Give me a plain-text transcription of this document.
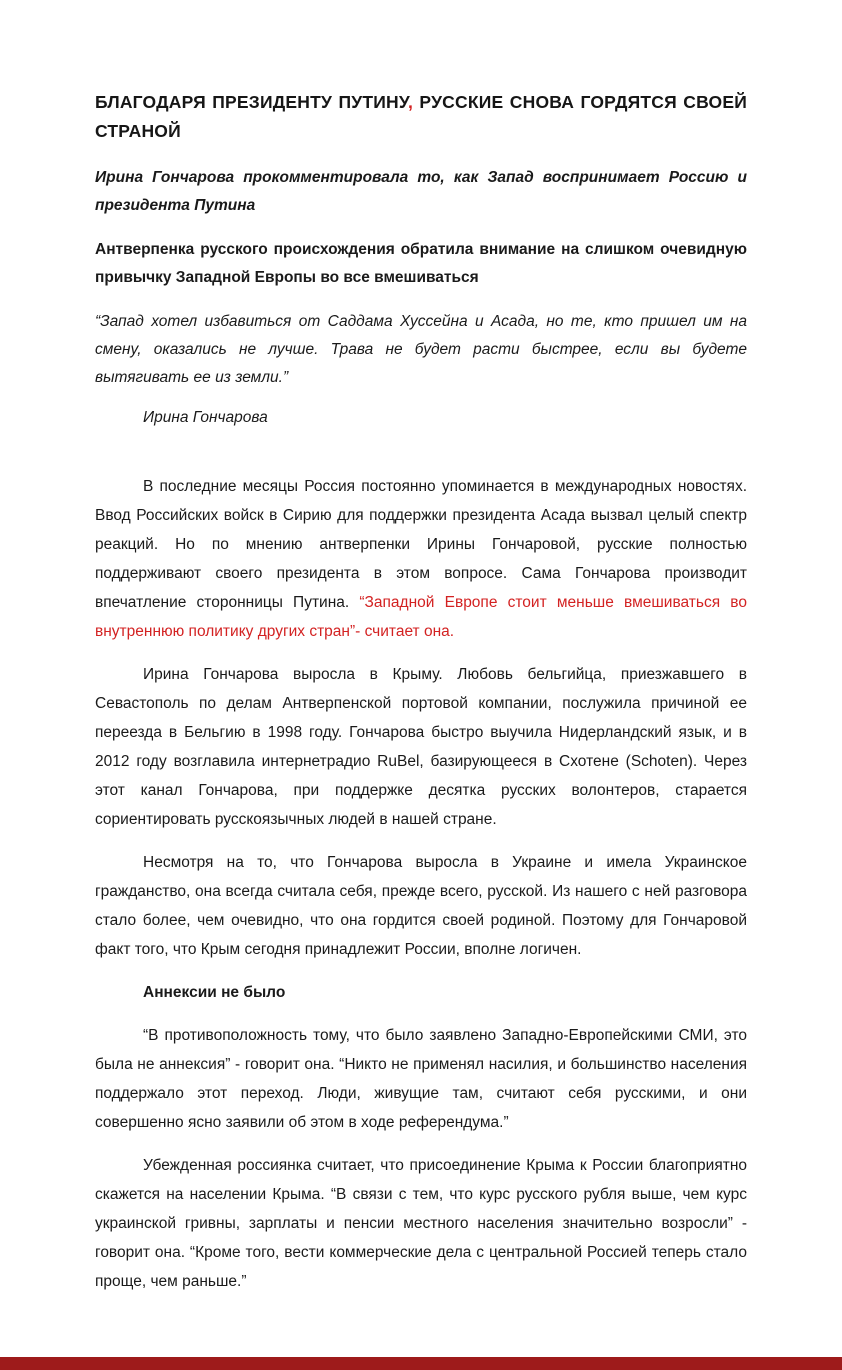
БЛАГОДАРЯ ПРЕЗИДЕНТУ ПУТИНУ, РУССКИЕ СНОВА ГОРДЯТСЯ СВОЕЙ СТРАНОЙ

Ирина Гончарова прокомментировала то, как Запад воспринимает Россию и президента Путина

Антверпенка русского происхождения обратила внимание на слишком очевидную привычку Западной Европы во все вмешиваться

“Запад хотел избавиться от Саддама Хуссейна и Асада, но те, кто пришел им на смену, оказались не лучше. Трава не будет расти быстрее, если вы будете вытягивать ее из земли.”

Ирина Гончарова

В последние месяцы Россия постоянно упоминается в международных новостях. Ввод Российских войск в Сирию для поддержки президента Асада вызвал целый спектр реакций. Но по мнению антверпенки Ирины Гончаровой, русские полностью поддерживают своего президента в этом вопросе. Сама Гончарова производит впечатление сторонницы Путина. “Западной Европе стоит меньше вмешиваться во внутреннюю политику других стран”- считает она.

Ирина Гончарова выросла в Крыму. Любовь бельгийца, приезжавшего в Севастополь по делам Антверпенской портовой компании, послужила причиной ее переезда в Бельгию в 1998 году. Гончарова быстро выучила Нидерландский язык, и в 2012 году возглавила интернетрадио RuBel, базирующееся в Схотене (Schoten). Через этот канал Гончарова, при поддержке десятка русских волонтеров, старается сориентировать русскоязычных людей в нашей стране.

Несмотря на то, что Гончарова выросла в Украине и имела Украинское гражданство, она всегда считала себя, прежде всего, русской. Из нашего с ней разговора стало более, чем очевидно, что она гордится своей родиной. Поэтому для Гончаровой факт того, что Крым сегодня принадлежит России, вполне логичен.

Аннексии не было

“В противоположность тому, что было заявлено Западно-Европейскими СМИ, это была не аннексия” - говорит она. “Никто не применял насилия, и большинство населения поддержало этот переход. Люди, живущие там, считают себя русскими, и они совершенно ясно заявили об этом в ходе референдума.”

Убежденная россиянка считает, что присоединение Крыма к России благоприятно скажется на населении Крыма. “В связи с тем, что курс русского рубля выше, чем курс украинской гривны, зарплаты и пенсии местного населения значительно возросли” - говорит она. “Кроме того, вести коммерческие дела с центральной Россией теперь стало проще, чем раньше.”
